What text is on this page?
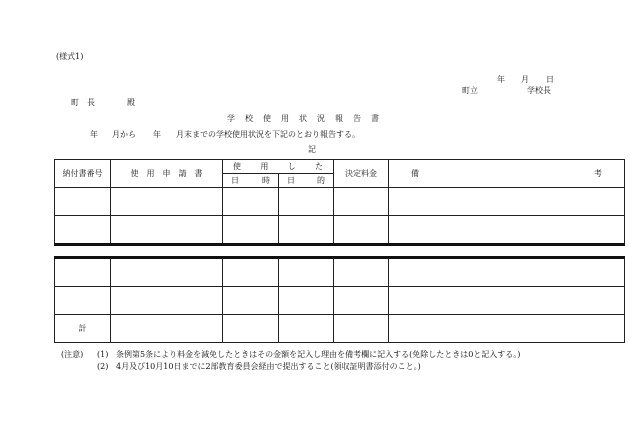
(様式1)
年 月 日
町立	学校長
町　長	殿
学　校　使　用　状　況　報　告　書
年 月から 年 月末までの学校使用状況を下記のとおり報告する。
記
納付書番号	使　用　申　請　書	使 用 し た		決定料金	備 考

		日 時	日 的		

計					
(注意) (1) 条例第5条により料金を減免したときはその金額を記入し理由を備考欄に記入する(免除したときは0と記入する。)
(2) 4月及び10月10日までに2部教育委員会経由で提出すること(領収証明書添付のこと。)
